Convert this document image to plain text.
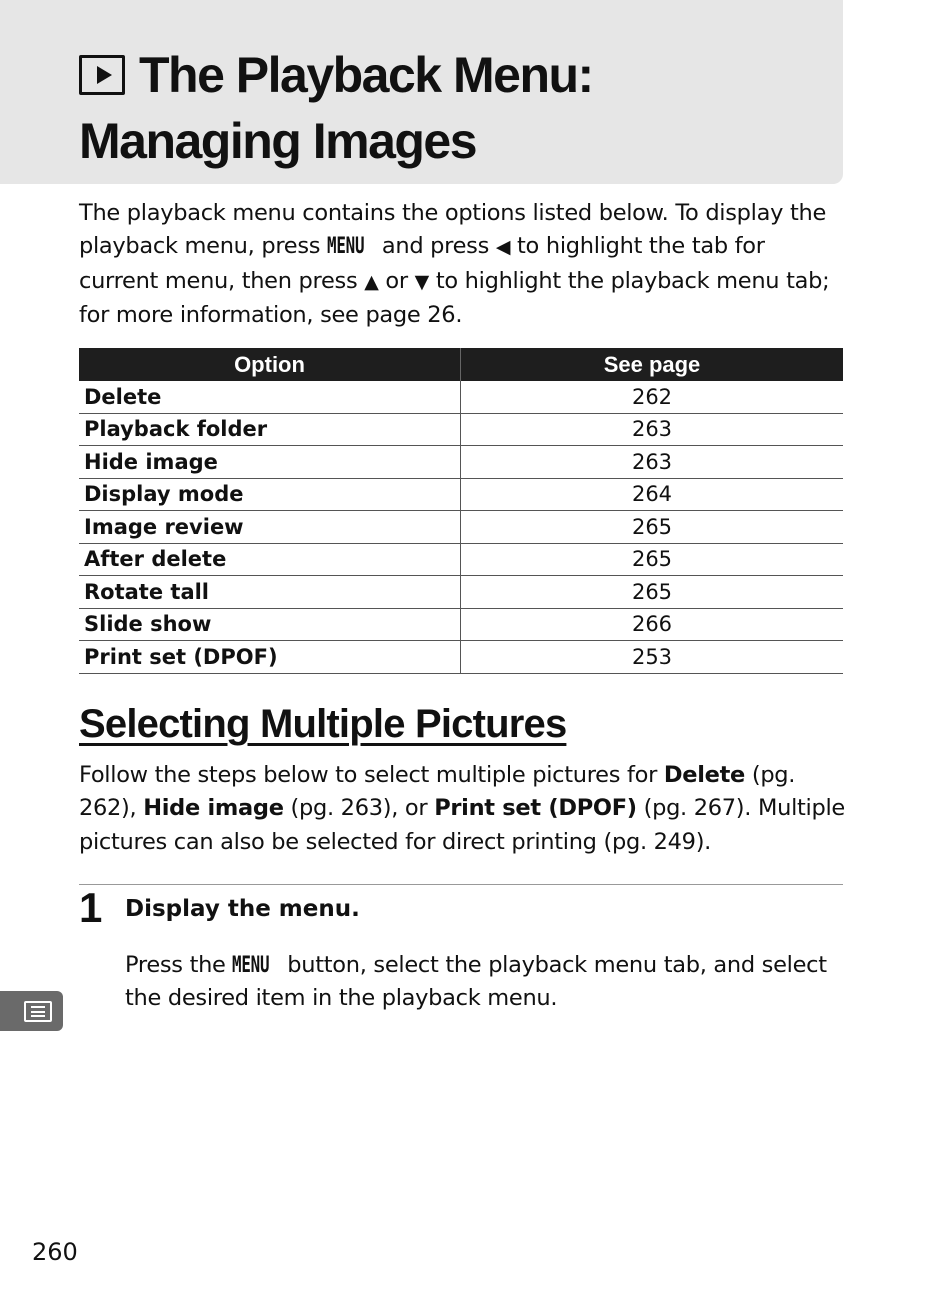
The Playback Menu:
Managing Images

The playback menu contains the options listed below. To display the playback menu, press MENU and press ◀ to highlight the tab for current menu, then press ▲ or ▼ to highlight the playback menu tab; for more information, see page 26.

Option	See page
Delete	262
Playback folder	263
Hide image	263
Display mode	264
Image review	265
After delete	265
Rotate tall	265
Slide show	266
Print set (DPOF)	253
Selecting Multiple Pictures

Follow the steps below to select multiple pictures for Delete (pg. 262), Hide image (pg. 263), or Print set (DPOF) (pg. 267). Multiple pictures can also be selected for direct printing (pg. 249).

1 Display the menu.

Press the MENU button, select the playback menu tab, and select the desired item in the playback menu.

260
